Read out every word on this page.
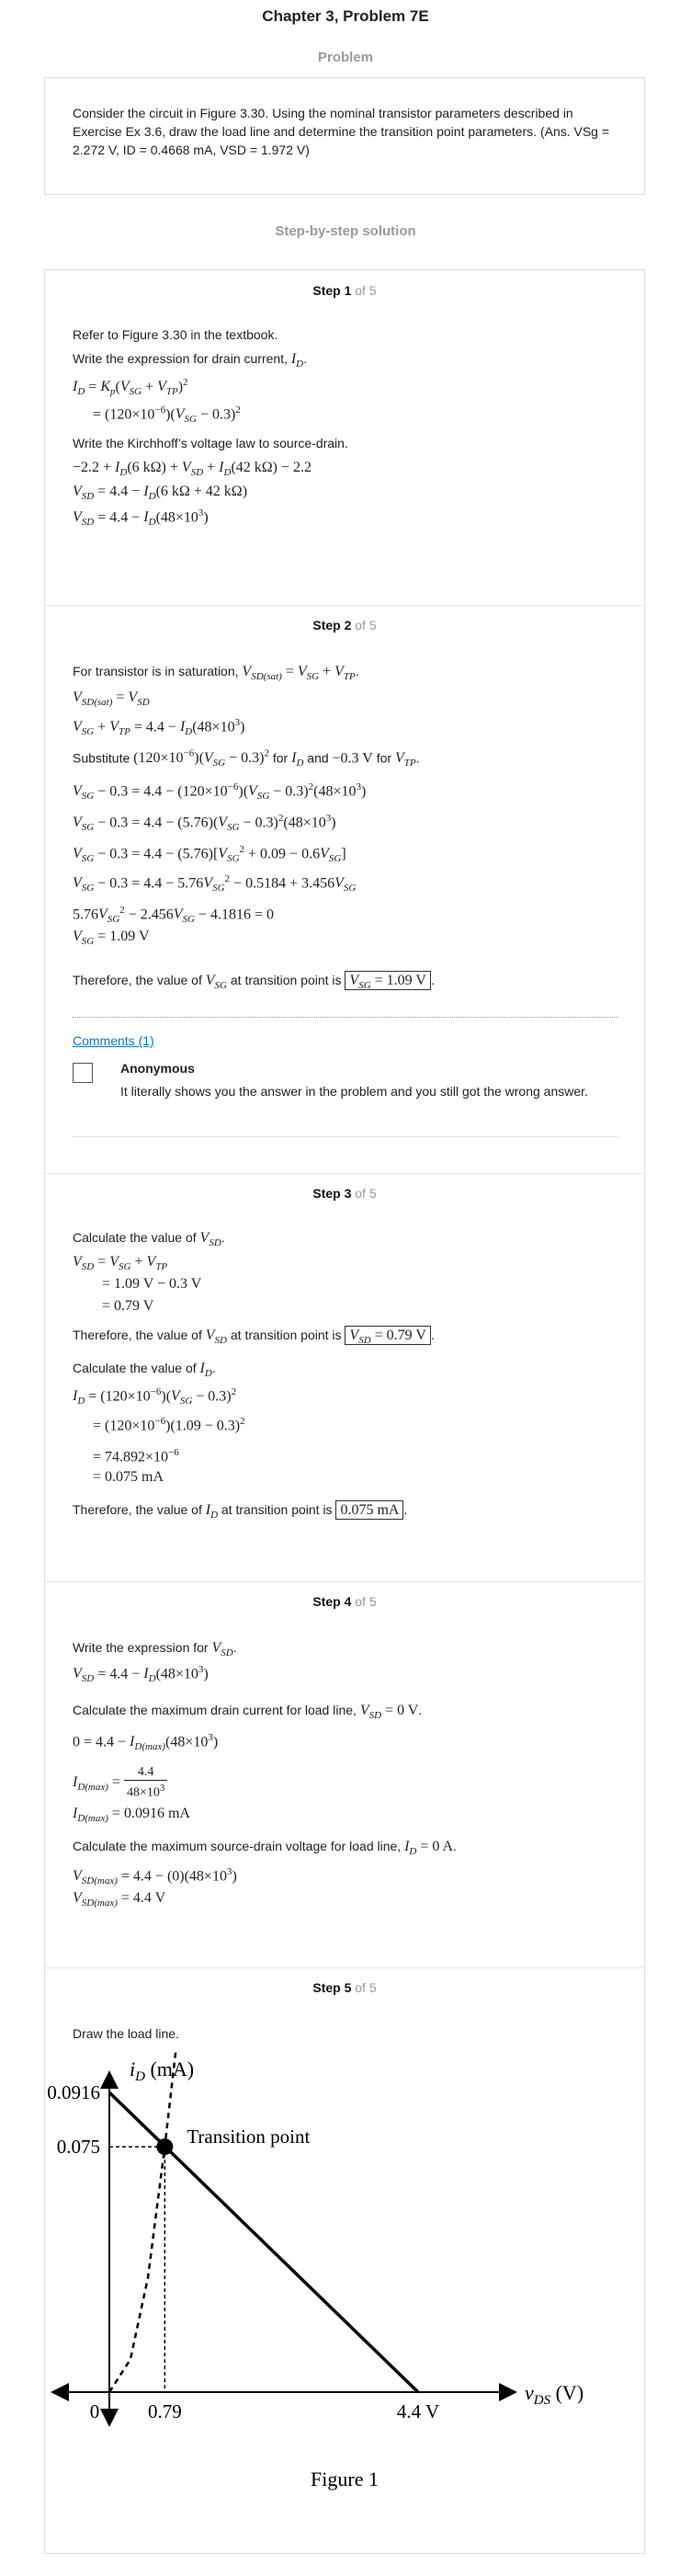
Chapter 3, Problem 7E
Problem
Consider the circuit in Figure 3.30. Using the nominal transistor parameters described in Exercise Ex 3.6, draw the load line and determine the transition point parameters. (Ans. VSg = 2.272 V, ID = 0.4668 mA, VSD = 1.972 V)
Step-by-step solution
Step 1 of 5
Refer to Figure 3.30 in the textbook.
Write the expression for drain current, $I_D$.
$I_D = K_p(V_{SG} + V_{TP})^2$
= $(120\times 10^{-6})(V_{SG} - 0.3)^2$
Write the Kirchhoff’s voltage law to source-drain.
$-2.2 + I_D(6$ $k\Omega) + V_{SD} + I_D(42$ kΩ) − 2.2
$V_{SD} = 4.4 - I_D(6$ kΩ + 42 kΩ)
$V_{SD} = 4.4 - I_D(48\times 10^3)$
Step 2 of 5
For transistor is in saturation, $V_{SD(sat)} = V_{SG} + V_{TP}$.
$V_{SD(sat)} = V_{SD}$
$V_{SG} + V_{TP} = 4.4 - I_D(48\times 10^3)$
Substitute $(120\times 10^{-6})(V_{SG} - 0.3)^2$ for $I_D$ and −0.3 V for $V_{TP}$.
$V_{SG} - 0.3 = 4.4 - (120\times 10^{-6})(V_{SG} - 0.3)^2(48\times 10^3)$
$V_{SG} - 0.3 = 4.4 - (5.76)(V_{SG} - 0.3)^2(48\times 10^3)$
$V_{SG} - 0.3 = 4.4 - (5.76)[V_{SG}^2 + 0.09 - 0.6V_{SG}]$
$V_{SG} - 0.3 = 4.4 - 5.76V_{SG}^2 - 0.5184 + 3.456V_{SG}$
$5.76V_{SG}^2 - 2.456V_{SG} - 4.1816 = 0$
$V_{SG} = 1.09$ V
Therefore, the value of $V_{SG}$ at transition point is $V_{SG} = 1.09$ V .
Comments (1)
Anonymous
It literally shows you the answer in the problem and you still got the wrong answer.
Step 3 of 5
Calculate the value of $V_{SD}$.
$V_{SD} = V_{SG} + V_{TP}$
= 1.09 V − 0.3 V
= 0.79 V
Therefore, the value of $V_{SD}$ at transition point is $V_{SD} = 0.79$ V .
Calculate the value of $I_D$.
$I_D = (120\times 10^{-6})(V_{SG} - 0.3)^2$
= $(120\times 10^{-6})(1.09 - 0.3)^2$
= $74.892\times 10^{-6}$
= 0.075 mA
Therefore, the value of $I_D$ at transition point is 0.075 mA .
Step 4 of 5
Write the expression for $V_{SD}$.
$V_{SD} = 4.4 - I_D(48\times 10^3)$
Calculate the maximum drain current for load line, $V_{SD} = 0$ V.
$0 = 4.4 - I_{D(max)}(48\times 10^3)$
$I_{D(max)} = \frac{4.4}{48\times 10^3}$
$I_{D(max)} = 0.0916$ mA
Calculate the maximum source-drain voltage for load line, $I_D = 0$ A.
$V_{SD(max)} = 4.4 - (0)(48\times 10^3)$
$V_{SD(max)} = 4.4$ V
Step 5 of 5
Draw the load line.
$i_D$ (mA)
$v_{DS}$ (V)
Figure 1
Transition point
0.0916
0.075
0	0.79	4.4 V
